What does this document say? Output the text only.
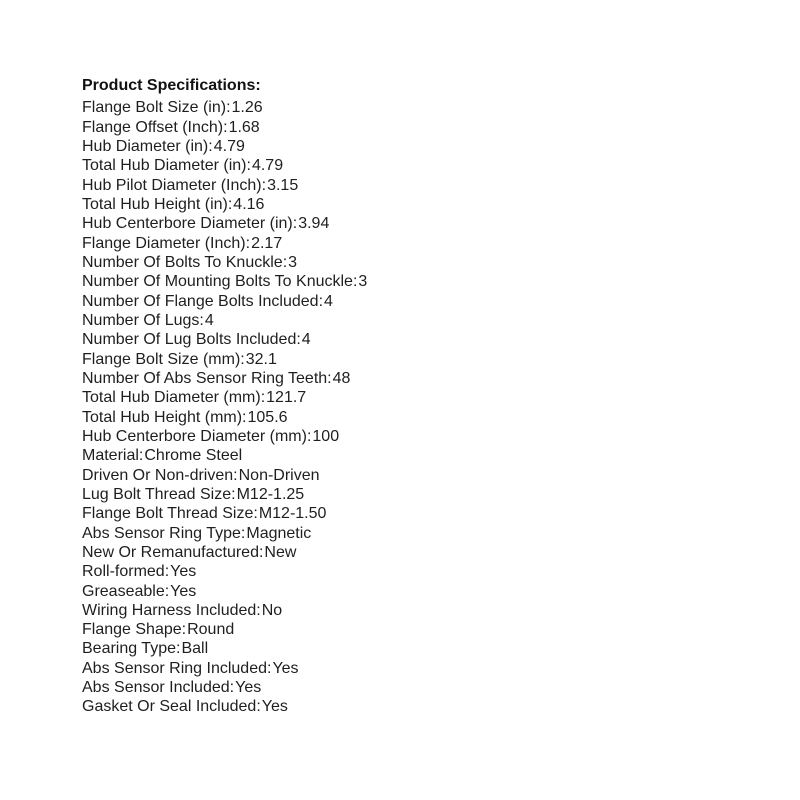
Product Specifications:
Flange Bolt Size (in):1.26
Flange Offset (Inch):1.68
Hub Diameter (in):4.79
Total Hub Diameter (in):4.79
Hub Pilot Diameter (Inch):3.15
Total Hub Height (in):4.16
Hub Centerbore Diameter (in):3.94
Flange Diameter (Inch):2.17
Number Of Bolts To Knuckle:3
Number Of Mounting Bolts To Knuckle:3
Number Of Flange Bolts Included:4
Number Of Lugs:4
Number Of Lug Bolts Included:4
Flange Bolt Size (mm):32.1
Number Of Abs Sensor Ring Teeth:48
Total Hub Diameter (mm):121.7
Total Hub Height (mm):105.6
Hub Centerbore Diameter (mm):100
Material:Chrome Steel
Driven Or Non-driven:Non-Driven
Lug Bolt Thread Size:M12-1.25
Flange Bolt Thread Size:M12-1.50
Abs Sensor Ring Type:Magnetic
New Or Remanufactured:New
Roll-formed:Yes
Greaseable:Yes
Wiring Harness Included:No
Flange Shape:Round
Bearing Type:Ball
Abs Sensor Ring Included:Yes
Abs Sensor Included:Yes
Gasket Or Seal Included:Yes
